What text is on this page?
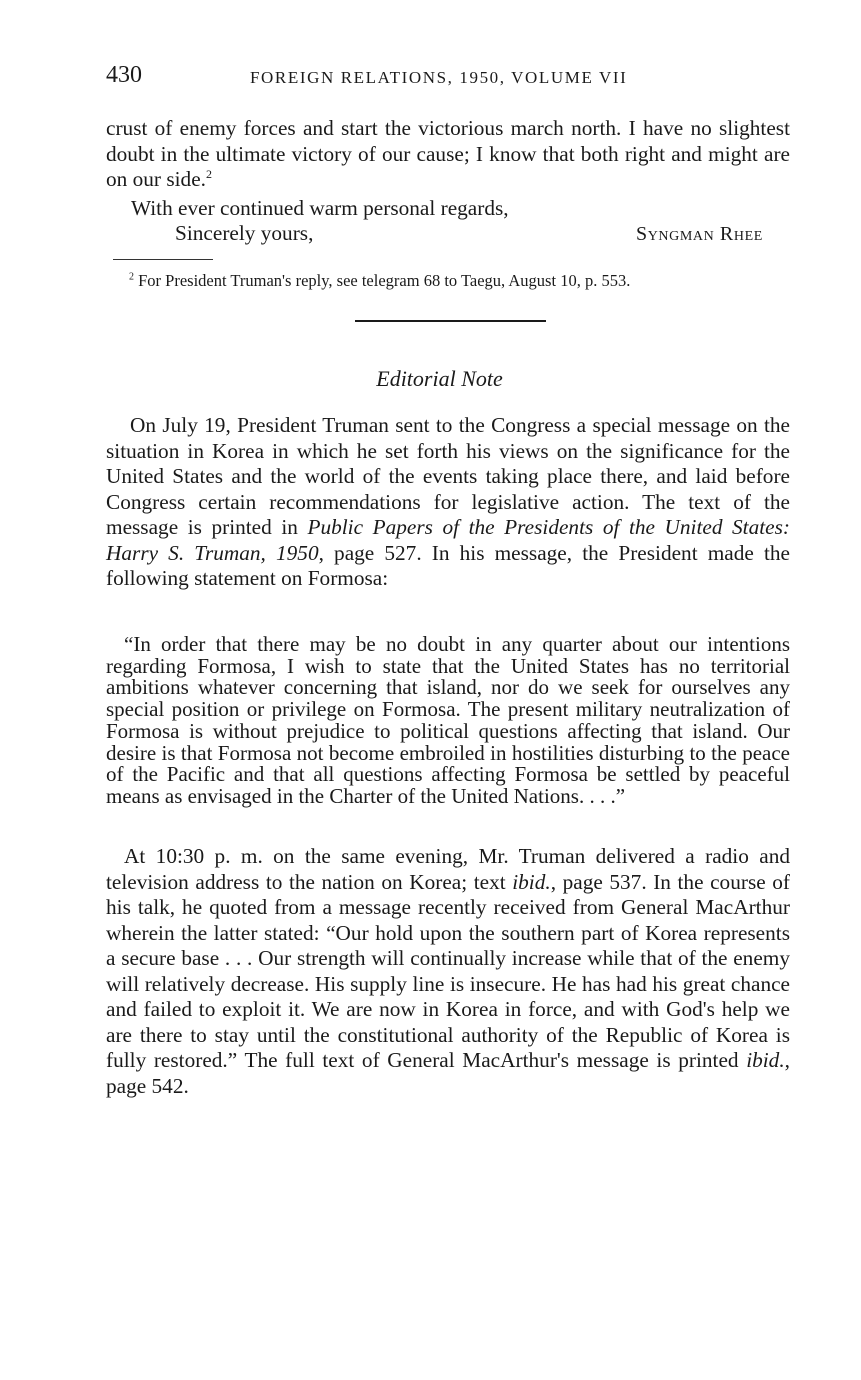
430	FOREIGN RELATIONS, 1950, VOLUME VII
crust of enemy forces and start the victorious march north. I have no slightest doubt in the ultimate victory of our cause; I know that both right and might are on our side.$^2$
With ever continued warm personal regards,
Sincerely yours,	Syngman Rhee
$^2$ For President Truman's reply, see telegram 68 to Taegu, August 10, p. 553.
Editorial Note
On July 19, President Truman sent to the Congress a special message on the situation in Korea in which he set forth his views on the significance for the United States and the world of the events taking place there, and laid before Congress certain recommendations for legislative action. The text of the message is printed in Public Papers of the Presidents of the United States: Harry S. Truman, 1950, page 527. In his message, the President made the following statement on Formosa:
“In order that there may be no doubt in any quarter about our intentions regarding Formosa, I wish to state that the United States has no territorial ambitions whatever concerning that island, nor do we seek for ourselves any special position or privilege on Formosa. The present military neutralization of Formosa is without prejudice to political questions affecting that island. Our desire is that Formosa not become embroiled in hostilities disturbing to the peace of the Pacific and that all questions affecting Formosa be settled by peaceful means as envisaged in the Charter of the United Nations. . . .”
At 10:30 p. m. on the same evening, Mr. Truman delivered a radio and television address to the nation on Korea; text ibid., page 537. In the course of his talk, he quoted from a message recently received from General MacArthur wherein the latter stated: “Our hold upon the southern part of Korea represents a secure base . . . Our strength will continually increase while that of the enemy will relatively decrease. His supply line is insecure. He has had his great chance and failed to exploit it. We are now in Korea in force, and with God's help we are there to stay until the constitutional authority of the Republic of Korea is fully restored.” The full text of General MacArthur's message is printed ibid., page 542.
